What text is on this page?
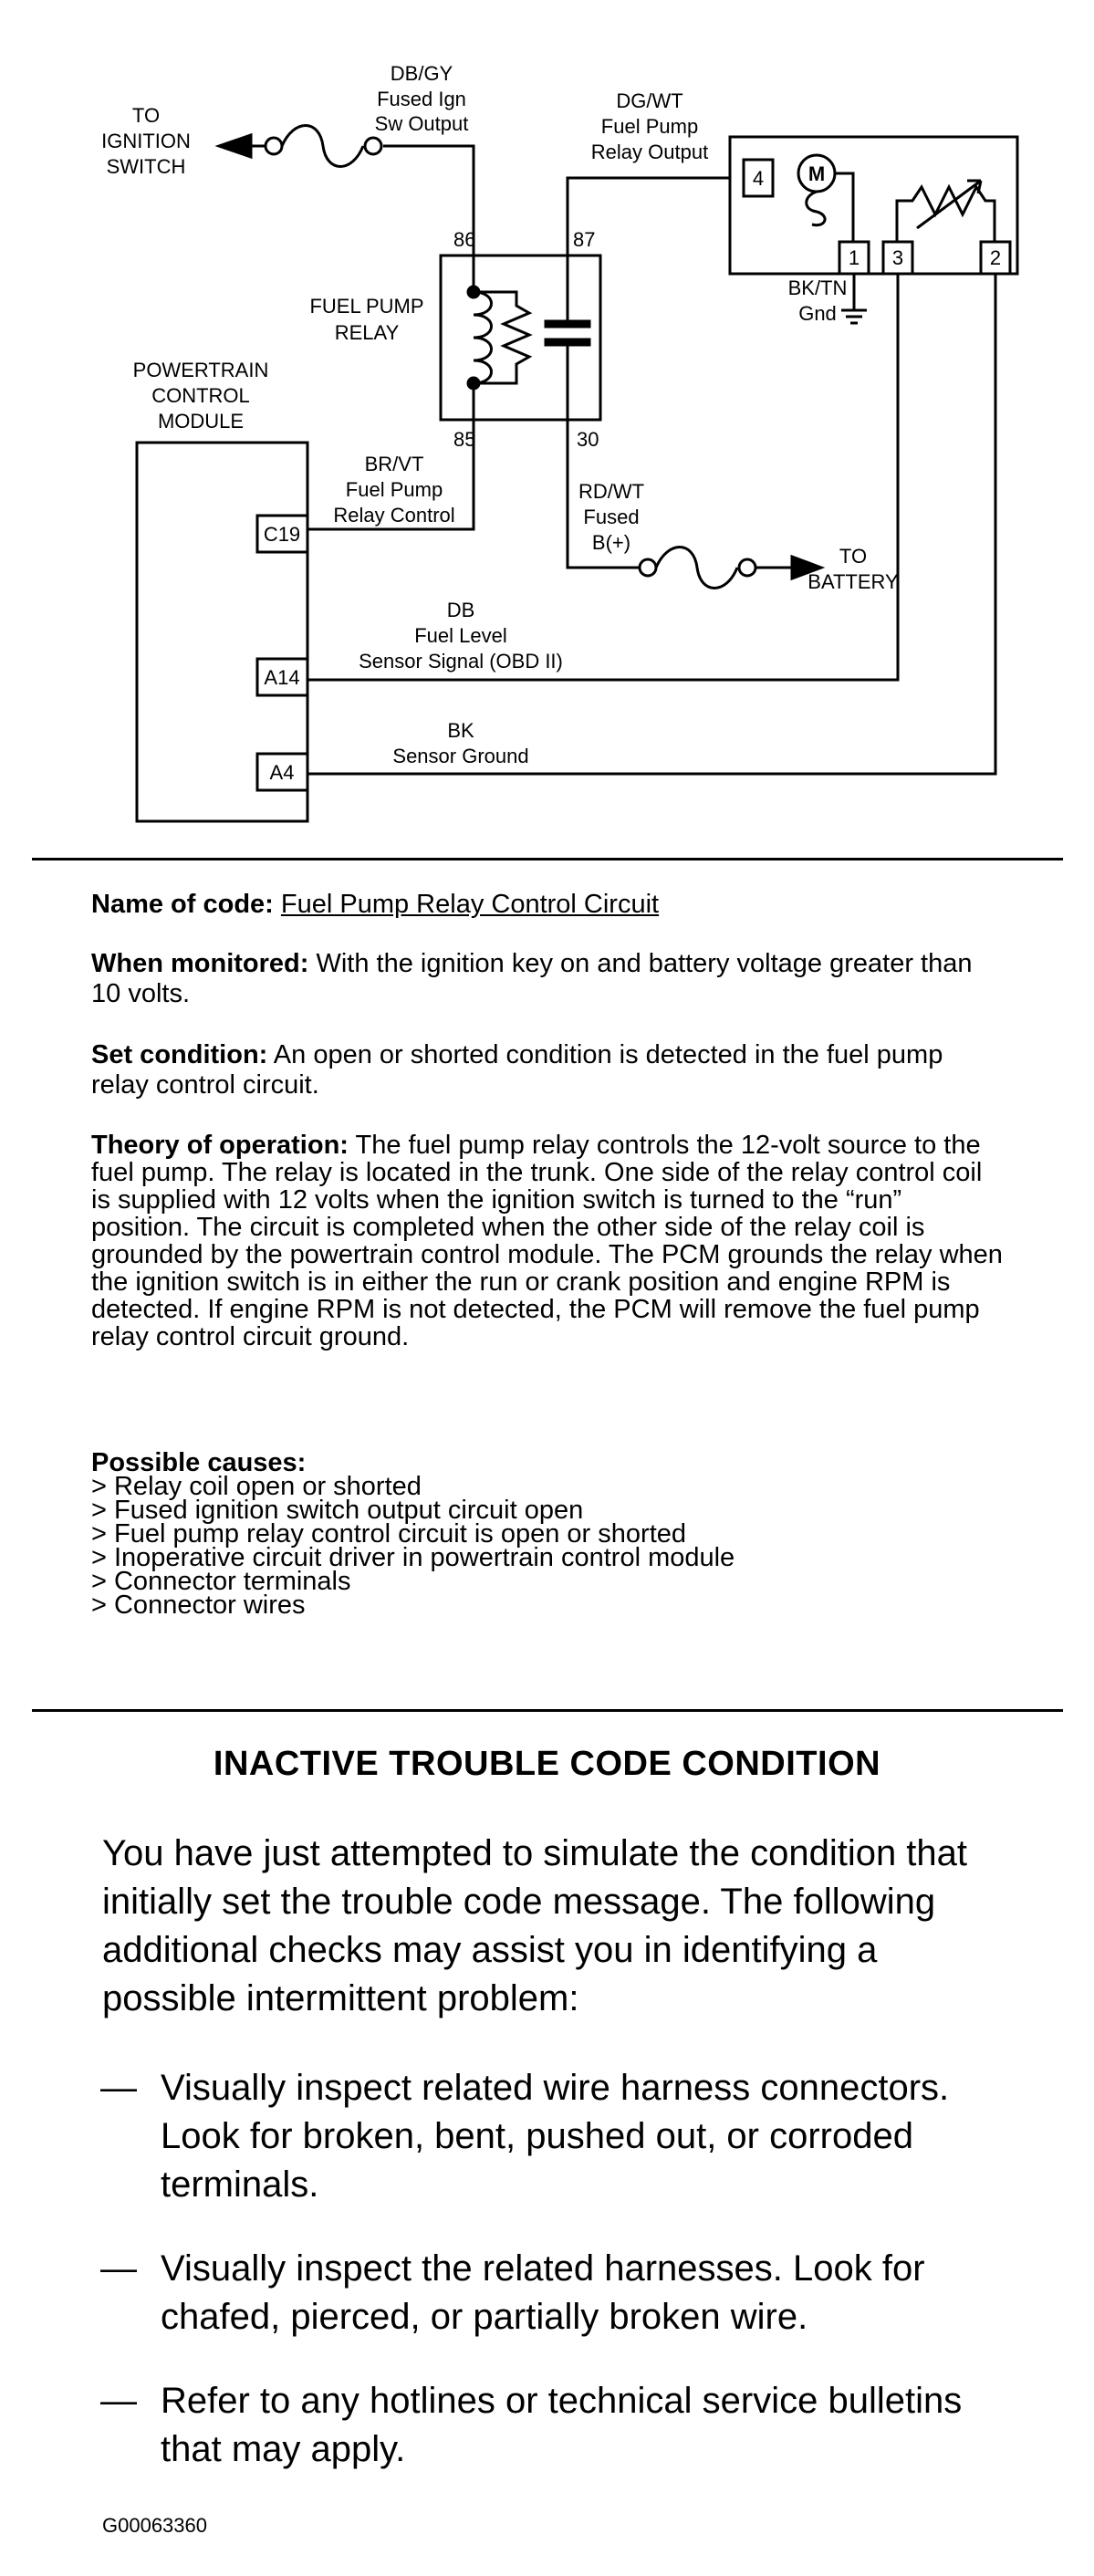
TO
IGNITION
SWITCH
DB/GY
Fused Ign
Sw Output
DG/WT
Fuel Pump
Relay Output
FUEL PUMP
RELAY
POWERTRAIN
CONTROL
MODULE
86	87
85	30
BR/VT
Fuel Pump
Relay Control
RD/WT
Fused
B(+)
TO
BATTERY
BK/TN
Gnd
M
4
1 3	2
C19
A14
A4
DB
Fuel Level
Sensor Signal (OBD II)
BK
Sensor Ground
Name of code: Fuel Pump Relay Control Circuit
When monitored: With the ignition key on and battery voltage greater than 10 volts.
Set condition: An open or shorted condition is detected in the fuel pump relay control circuit.
Theory of operation: The fuel pump relay controls the 12-volt source to the fuel pump. The relay is located in the trunk. One side of the relay control coil is supplied with 12 volts when the ignition switch is turned to the “run” position. The circuit is completed when the other side of the relay coil is grounded by the powertrain control module. The PCM grounds the relay when the ignition switch is in either the run or crank position and engine RPM is detected. If engine RPM is not detected, the PCM will remove the fuel pump relay control circuit ground.
Possible causes:
> Relay coil open or shorted
> Fused ignition switch output circuit open
> Fuel pump relay control circuit is open or shorted
> Inoperative circuit driver in powertrain control module
> Connector terminals
> Connector wires
INACTIVE TROUBLE CODE CONDITION
You have just attempted to simulate the condition that initially set the trouble code message. The following additional checks may assist you in identifying a possible intermittent problem:
— Visually inspect related wire harness connectors. Look for broken, bent, pushed out, or corroded terminals.
— Visually inspect the related harnesses. Look for chafed, pierced, or partially broken wire.
— Refer to any hotlines or technical service bulletins that may apply.
G00063360
